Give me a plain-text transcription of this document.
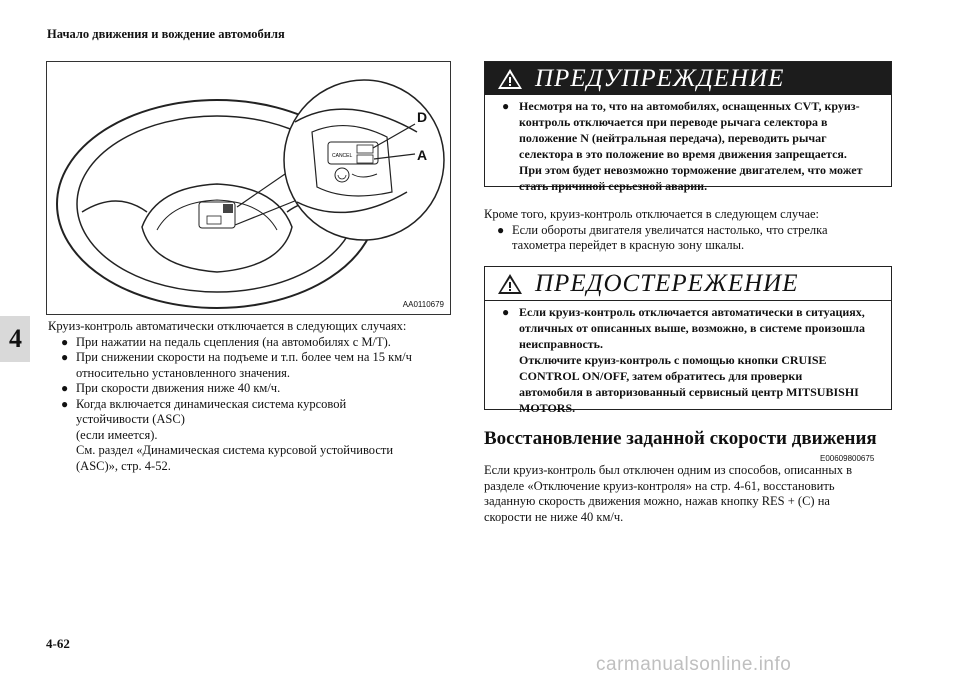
Начало движения и вождение автомобиля
4
CANCEL
D
A
AA0110679
Круиз-контроль автоматически отключается в следующих случаях:
● При нажатии на педаль сцепления (на автомобилях с М/Т).
● При снижении скорости на подъеме и т.п. более чем на 15 км/ч
относительно установленного значения.
● При скорости движения ниже 40 км/ч.
● Когда включается динамическая система курсовой
устойчивости (ASC)
(если имеется).
См. раздел «Динамическая система курсовой устойчивости
(ASC)», стр. 4-52.
ПРЕДУПРЕЖДЕНИЕ
● Несмотря на то, что на автомобилях, оснащенных CVT, круиз-
контроль отключается при переводе рычага селектора в
положение N (нейтральная передача), переводить рычаг
селектора в это положение во время движения запрещается.
При этом будет невозможно торможение двигателем, что может
стать причиной серьезной аварии.
Кроме того, круиз-контроль отключается в следующем случае:
● Если обороты двигателя увеличатся настолько, что стрелка
тахометра перейдет в красную зону шкалы.
ПРЕДОСТЕРЕЖЕНИЕ
● Если круиз-контроль отключается автоматически в ситуациях,
отличных от описанных выше, возможно, в системе произошла
неисправность.
Отключите круиз-контроль с помощью кнопки CRUISE
CONTROL ON/OFF, затем обратитесь для проверки
автомобиля в авторизованный сервисный центр MITSUBISHI
MOTORS.
Восстановление заданной скорости движения
E00609800675
Если круиз-контроль был отключен одним из способов, описанных в
разделе «Отключение круиз-контроля» на стр. 4-61, восстановить
заданную скорость движения можно, нажав кнопку RES + (C) на
скорости не ниже 40 км/ч.
4-62
carmanualsonline.info
